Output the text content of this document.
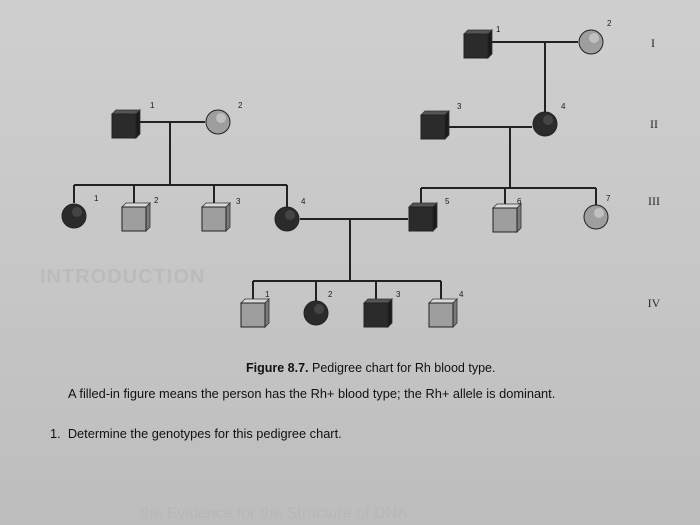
INTRODUCTION
the Evidence for the Structure of DNA
1
2
1	2	3	4
1	2	3	4	5	6	7
1	2	3	4
I
II
III
IV
Figure 8.7. Pedigree chart for Rh blood type.
A filled-in figure means the person has the Rh+ blood type; the Rh+ allele is dominant.
1. Determine the genotypes for this pedigree chart.
